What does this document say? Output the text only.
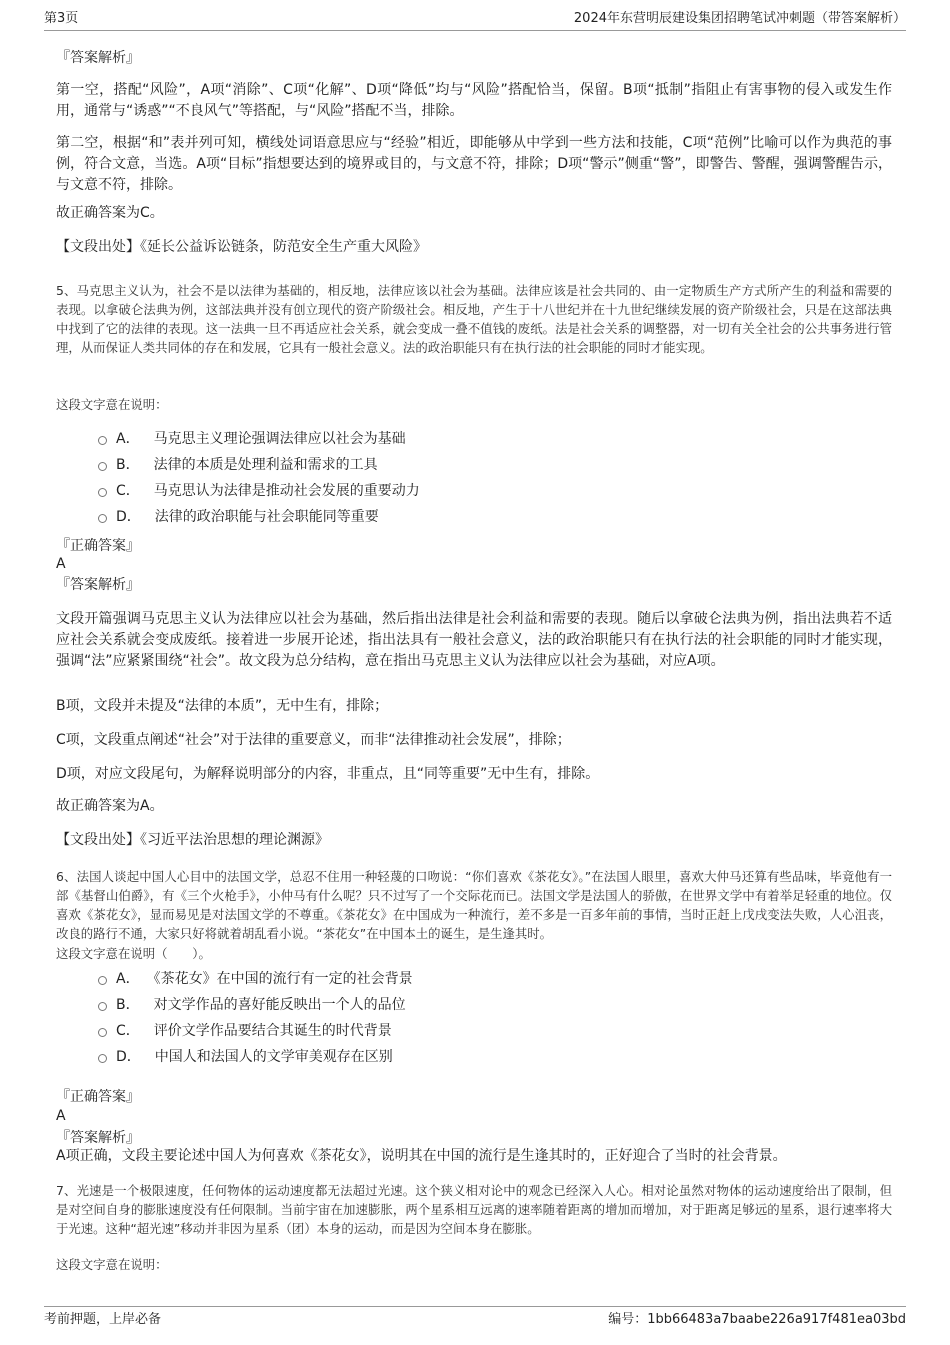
第3页	2024年东营明辰建设集团招聘笔试冲刺题（带答案解析）
『答案解析』
第一空，搭配“风险”，A项“消除”、C项“化解”、D项“降低”均与“风险”搭配恰当，保留。B项“抵制”指阻止有害事物的侵入或发生作用，通常与“诱惑”“不良风气”等搭配，与“风险”搭配不当，排除。
第二空，根据“和”表并列可知，横线处词语意思应与“经验”相近，即能够从中学到一些方法和技能，C项“范例”比喻可以作为典范的事例，符合文意，当选。A项“目标”指想要达到的境界或目的，与文意不符，排除；D项“警示”侧重“警”，即警告、警醒，强调警醒告示，与文意不符，排除。
故正确答案为C。
【文段出处】《延长公益诉讼链条，防范安全生产重大风险》
5、马克思主义认为，社会不是以法律为基础的，相反地，法律应该以社会为基础。法律应该是社会共同的、由一定物质生产方式所产生的利益和需要的表现。以拿破仑法典为例，这部法典并没有创立现代的资产阶级社会。相反地，产生于十八世纪并在十九世纪继续发展的资产阶级社会，只是在这部法典中找到了它的法律的表现。这一法典一旦不再适应社会关系，就会变成一叠不值钱的废纸。法是社会关系的调整器，对一切有关全社会的公共事务进行管理，从而保证人类共同体的存在和发展，它具有一般社会意义。法的政治职能只有在执行法的社会职能的同时才能实现。
这段文字意在说明：
A． 马克思主义理论强调法律应以社会为基础
B． 法律的本质是处理利益和需求的工具
C． 马克思认为法律是推动社会发展的重要动力
D． 法律的政治职能与社会职能同等重要
『正确答案』
A
『答案解析』
文段开篇强调马克思主义认为法律应以社会为基础，然后指出法律是社会利益和需要的表现。随后以拿破仑法典为例，指出法典若不适应社会关系就会变成废纸。接着进一步展开论述，指出法具有一般社会意义，法的政治职能只有在执行法的社会职能的同时才能实现，强调“法”应紧紧围绕“社会”。故文段为总分结构，意在指出马克思主义认为法律应以社会为基础，对应A项。
B项，文段并未提及“法律的本质”，无中生有，排除；
C项，文段重点阐述“社会”对于法律的重要意义，而非“法律推动社会发展”，排除；
D项，对应文段尾句，为解释说明部分的内容，非重点，且“同等重要”无中生有，排除。
故正确答案为A。
【文段出处】《习近平法治思想的理论渊源》
6、法国人谈起中国人心目中的法国文学，总忍不住用一种轻蔑的口吻说：“你们喜欢《茶花女》。”在法国人眼里，喜欢大仲马还算有些品味，毕竟他有一部《基督山伯爵》，有《三个火枪手》，小仲马有什么呢？只不过写了一个交际花而已。法国文学是法国人的骄傲，在世界文学中有着举足轻重的地位。仅喜欢《茶花女》，显而易见是对法国文学的不尊重。《茶花女》在中国成为一种流行，差不多是一百多年前的事情，当时正赶上戊戌变法失败，人心沮丧，改良的路行不通，大家只好将就着胡乱看小说。“茶花女”在中国本土的诞生，是生逢其时。
这段文字意在说明（　　）。
A． 《茶花女》在中国的流行有一定的社会背景
B． 对文学作品的喜好能反映出一个人的品位
C． 评价文学作品要结合其诞生的时代背景
D． 中国人和法国人的文学审美观存在区别
『正确答案』
A
『答案解析』
A项正确，文段主要论述中国人为何喜欢《茶花女》，说明其在中国的流行是生逢其时的，正好迎合了当时的社会背景。
7、光速是一个极限速度，任何物体的运动速度都无法超过光速。这个狭义相对论中的观念已经深入人心。相对论虽然对物体的运动速度给出了限制，但是对空间自身的膨胀速度没有任何限制。当前宇宙在加速膨胀，两个星系相互远离的速率随着距离的增加而增加，对于距离足够远的星系，退行速率将大于光速。这种“超光速”移动并非因为星系（团）本身的运动，而是因为空间本身在膨胀。
这段文字意在说明：
考前押题，上岸必备	编号：1bb66483a7baabe226a917f481ea03bd
